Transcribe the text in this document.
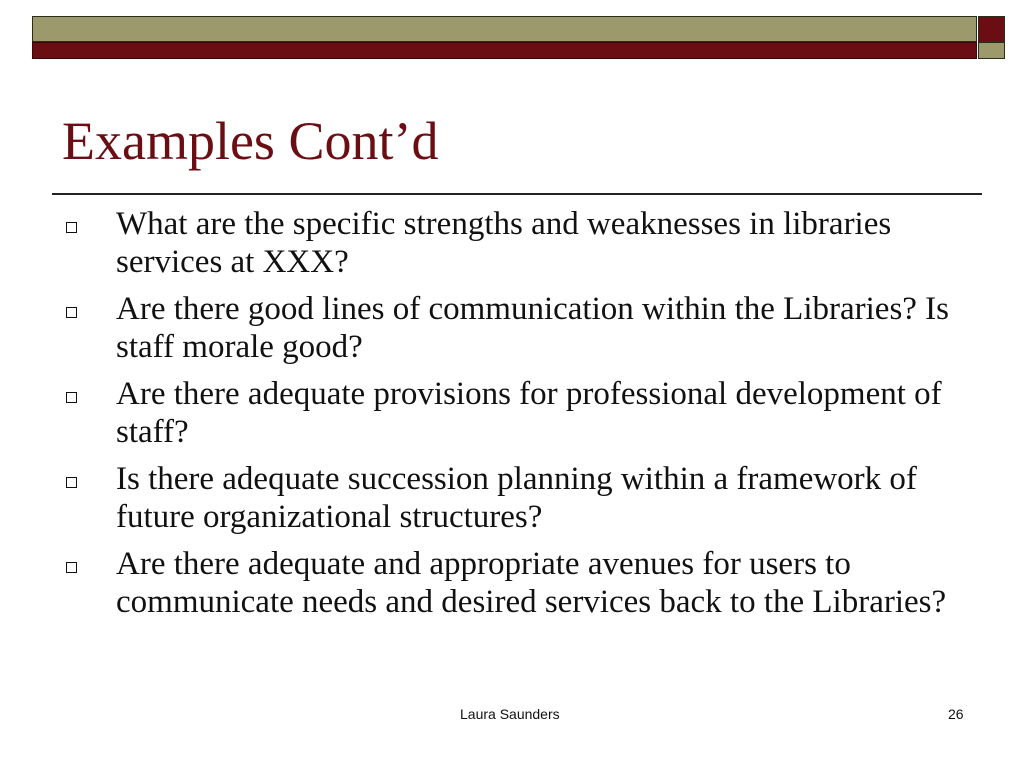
Examples Cont’d
What are the specific strengths and weaknesses in libraries services at XXX?
Are there good lines of communication within the Libraries? Is staff morale good?
Are there adequate provisions for professional development of staff?
Is there adequate succession planning within a framework of future organizational structures?
Are there adequate and appropriate avenues for users to communicate needs and desired services back to the Libraries?
Laura Saunders	26
